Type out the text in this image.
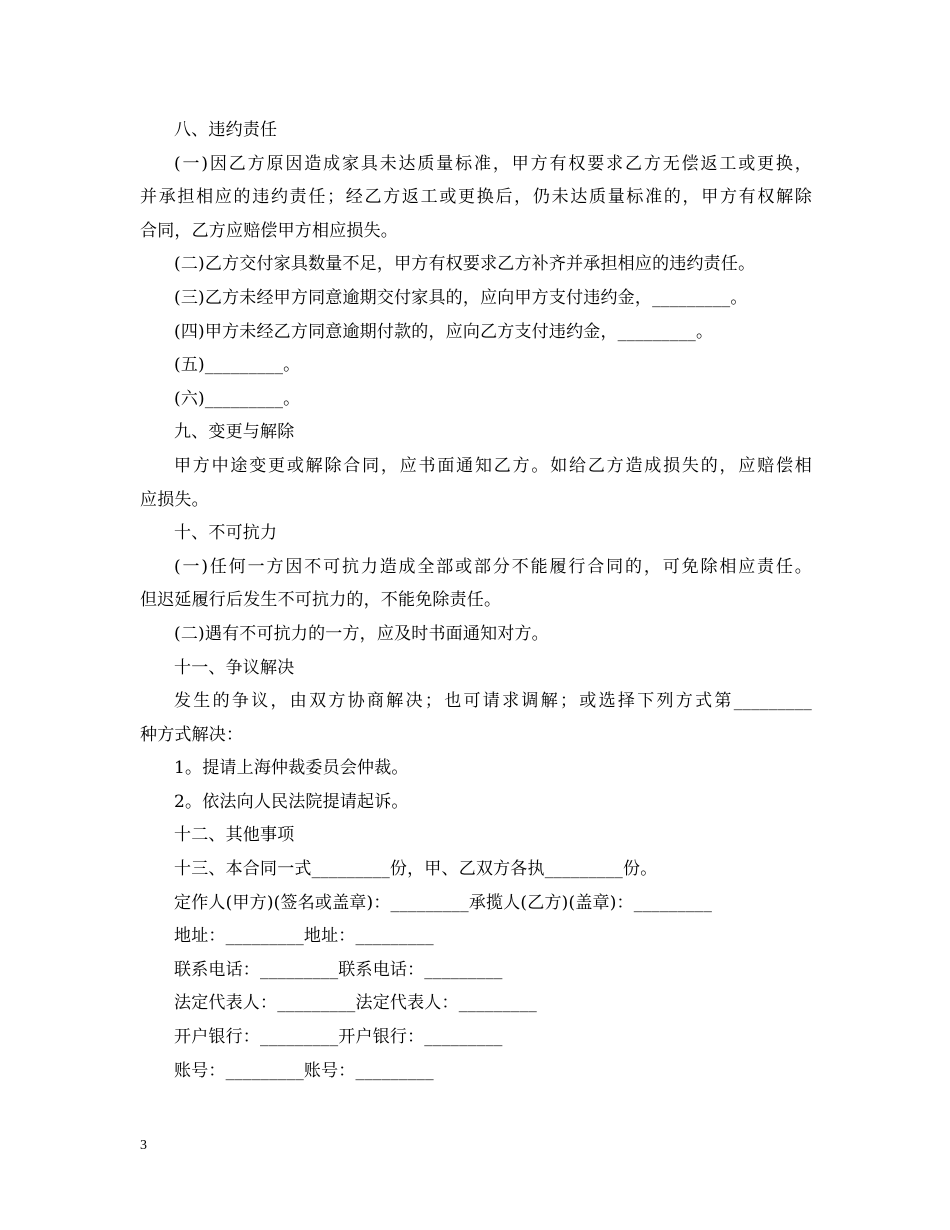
八、违约责任
(一)因乙方原因造成家具未达质量标准，甲方有权要求乙方无偿返工或更换，
并承担相应的违约责任；经乙方返工或更换后，仍未达质量标准的，甲方有权解除
合同，乙方应赔偿甲方相应损失。
(二)乙方交付家具数量不足，甲方有权要求乙方补齐并承担相应的违约责任。
(三)乙方未经甲方同意逾期交付家具的，应向甲方支付违约金，_________。
(四)甲方未经乙方同意逾期付款的，应向乙方支付违约金，_________。
(五)_________。
(六)_________。
九、变更与解除
甲方中途变更或解除合同，应书面通知乙方。如给乙方造成损失的，应赔偿相
应损失。
十、不可抗力
(一)任何一方因不可抗力造成全部或部分不能履行合同的，可免除相应责任。
但迟延履行后发生不可抗力的，不能免除责任。
(二)遇有不可抗力的一方，应及时书面通知对方。
十一、争议解决
发生的争议，由双方协商解决；也可请求调解；或选择下列方式第_________
种方式解决：
1。提请上海仲裁委员会仲裁。
2。依法向人民法院提请起诉。
十二、其他事项
十三、本合同一式_________份，甲、乙双方各执_________份。
定作人(甲方)(签名或盖章)：_________承揽人(乙方)(盖章)：_________
地址：_________地址：_________
联系电话：_________联系电话：_________
法定代表人：_________法定代表人：_________
开户银行：_________开户银行：_________
账号：_________账号：_________
3
